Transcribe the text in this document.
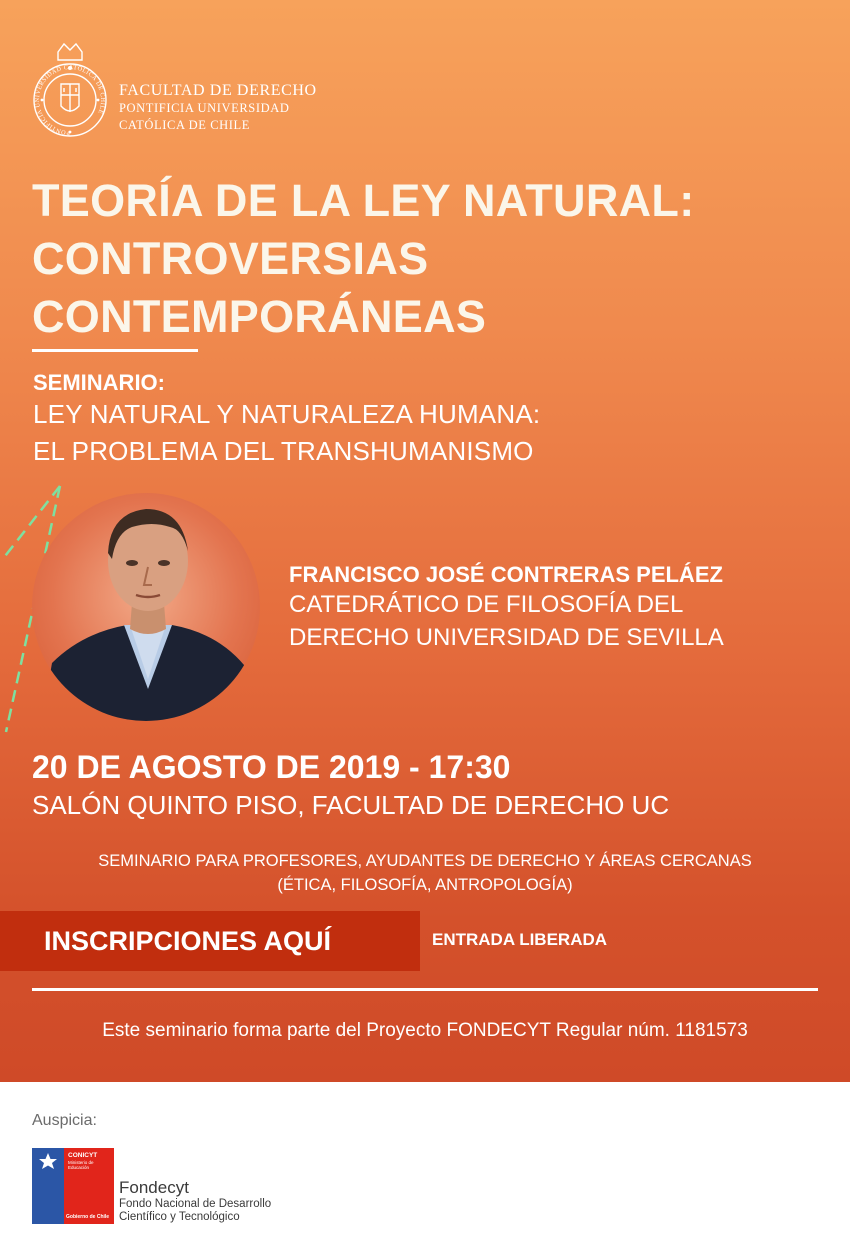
PONTIFICIA UNIVERSIDAD CATOLICA DE CHILE
FACULTAD DE DERECHO
PONTIFICIA UNIVERSIDAD
CATÓLICA DE CHILE
TEORÍA DE LA LEY NATURAL:
CONTROVERSIAS
CONTEMPORÁNEAS
SEMINARIO:
LEY NATURAL Y NATURALEZA HUMANA:
EL PROBLEMA DEL TRANSHUMANISMO
FRANCISCO JOSÉ CONTRERAS PELÁEZ
CATEDRÁTICO DE FILOSOFÍA DEL
DERECHO UNIVERSIDAD DE SEVILLA
20 DE AGOSTO DE 2019 - 17:30
SALÓN QUINTO PISO, FACULTAD DE DERECHO UC
SEMINARIO PARA PROFESORES, AYUDANTES DE DERECHO Y ÁREAS CERCANAS
(ÉTICA, FILOSOFÍA, ANTROPOLOGÍA)
INSCRIPCIONES AQUÍ	ENTRADA LIBERADA
Este seminario forma parte del Proyecto FONDECYT Regular núm. 1181573
Auspicia:
CONICYT
Ministerio de
Educación
Gobierno de Chile
Fondecyt
Fondo Nacional de Desarrollo
Científico y Tecnológico
